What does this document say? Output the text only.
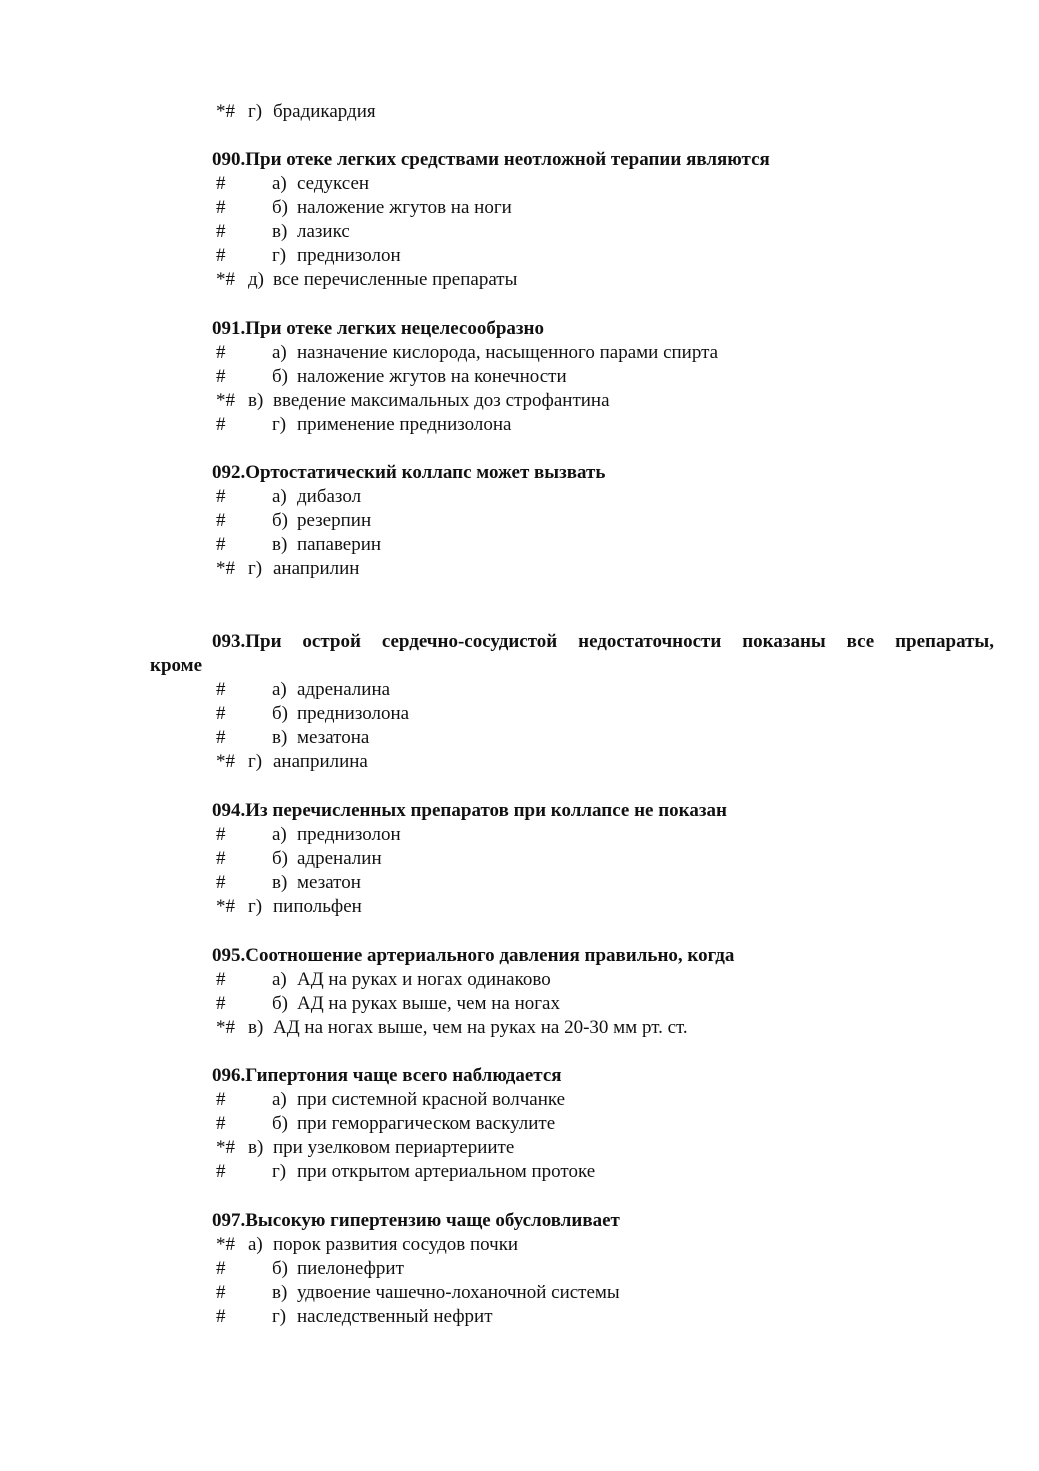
*# г) брадикардия
090.При отеке легких средствами неотложной терапии являются
# а) седуксен
# б) наложение жгутов на ноги
# в) лазикс
# г) преднизолон
*# д) все перечисленные препараты
091.При отеке легких нецелесообразно
# а) назначение кислорода, насыщенного парами спирта
# б) наложение жгутов на конечности
*# в) введение максимальных доз строфантина
# г) применение преднизолона
092.Ортостатический коллапс может вызвать
# а) дибазол
# б) резерпин
# в) папаверин
*# г) анаприлин
093.При острой сердечно-сосудистой недостаточности показаны все препараты,
кроме
# а) адреналина
# б) преднизолона
# в) мезатона
*# г) анаприлина
094.Из перечисленных препаратов при коллапсе не показан
# а) преднизолон
# б) адреналин
# в) мезатон
*# г) пипольфен
095.Соотношение артериального давления правильно, когда
# а) АД на руках и ногах одинаково
# б) АД на руках выше, чем на ногах
*# в) АД на ногах выше, чем на руках на 20-30 мм рт. ст.
096.Гипертония чаще всего наблюдается
# а) при системной красной волчанке
# б) при геморрагическом васкулите
*# в) при узелковом периартериите
# г) при открытом артериальном протоке
097.Высокую гипертензию чаще обусловливает
*# а) порок развития сосудов почки
# б) пиелонефрит
# в) удвоение чашечно-лоханочной системы
# г) наследственный нефрит
